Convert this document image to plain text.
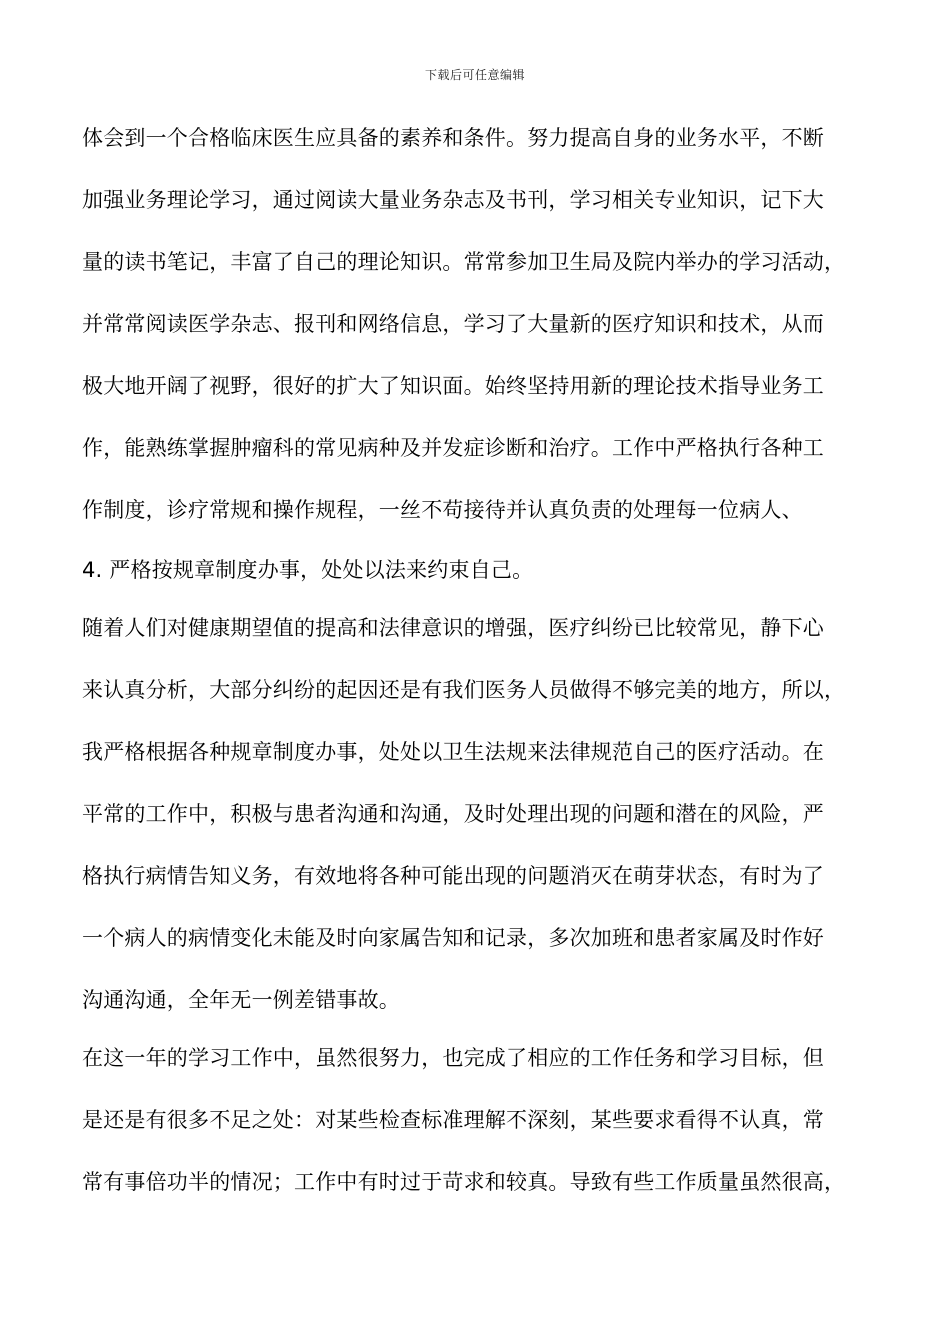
下载后可任意编辑
体会到一个合格临床医生应具备的素养和条件。努力提高自身的业务水平，不断
加强业务理论学习，通过阅读大量业务杂志及书刊，学习相关专业知识，记下大
量的读书笔记，丰富了自己的理论知识。常常参加卫生局及院内举办的学习活动，
并常常阅读医学杂志、报刊和网络信息，学习了大量新的医疗知识和技术，从而
极大地开阔了视野，很好的扩大了知识面。始终坚持用新的理论技术指导业务工
作，能熟练掌握肿瘤科的常见病种及并发症诊断和治疗。工作中严格执行各种工
作制度，诊疗常规和操作规程，一丝不苟接待并认真负责的处理每一位病人、
4. 严格按规章制度办事，处处以法来约束自己。
随着人们对健康期望值的提高和法律意识的增强，医疗纠纷已比较常见，静下心
来认真分析，大部分纠纷的起因还是有我们医务人员做得不够完美的地方，所以，
我严格根据各种规章制度办事，处处以卫生法规来法律规范自己的医疗活动。在
平常的工作中，积极与患者沟通和沟通，及时处理出现的问题和潜在的风险，严
格执行病情告知义务，有效地将各种可能出现的问题消灭在萌芽状态，有时为了
一个病人的病情变化未能及时向家属告知和记录，多次加班和患者家属及时作好
沟通沟通，全年无一例差错事故。
在这一年的学习工作中，虽然很努力，也完成了相应的工作任务和学习目标，但
是还是有很多不足之处：对某些检查标准理解不深刻，某些要求看得不认真，常
常有事倍功半的情况；工作中有时过于苛求和较真。导致有些工作质量虽然很高，
